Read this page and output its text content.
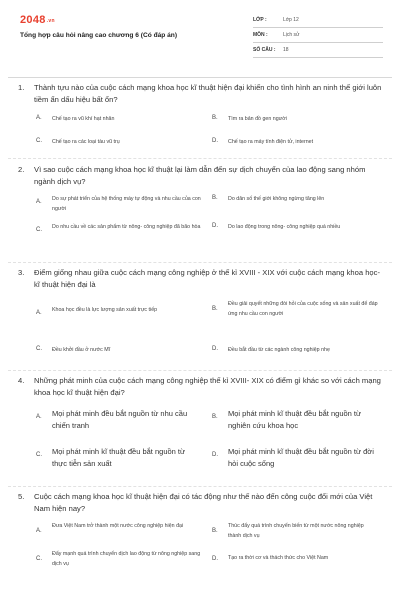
2048.vn
Tổng hợp câu hỏi nâng cao chương 6 (Có đáp án)
LỚP :	Lớp 12
MÔN :	Lịch sử
SỐ CÂU : 18
1. Thành tựu nào của cuộc cách mạng khoa học kĩ thuật hiện đại khiến cho tình hình an ninh thế giới luôn tiềm ẩn dấu hiệu bất ổn?
A. Chế tạo ra vũ khí hạt nhân	B. Tìm ra bản đồ gen người
C. Chế tạo ra các loại tàu vũ trụ	D. Chế tạo ra máy tính điện tử, internet
2. Vì sao cuộc cách mạng khoa học kĩ thuật lại làm dẫn đến sự dịch chuyển của lao động sang nhóm ngành dịch vụ?
A. Do sự phát triển của hệ thống máy tự động và nhu cầu của con người
B. Do dân số thế giới không ngừng tăng lên
C. Do nhu cầu về các sản phẩm từ nông- công nghiệp đã bão hòa D. Do lao động trong nông- công nghiệp quá nhiều
3. Điểm giống nhau giữa cuộc cách mạng công nghiệp ở thế kỉ XVIII - XIX với cuộc cách mạng khoa học- kĩ thuật hiện đại là
A. Khoa học đều là lực lượng sản xuất trực tiếp	B.
Đều giải quyết những đòi hỏi của cuộc sống và sản xuất để đáp ứng nhu cầu con người
C. Đều khởi đầu ở nước Mĩ	D. Đều bắt đầu từ các ngành công nghiệp nhẹ
4. Những phát minh của cuộc cách mạng công nghiệp thế kỉ XVIII- XIX có điểm gì khác so với cách mạng khoa học kĩ thuật hiện đại?
A. Mọi phát minh đều bắt nguồn từ nhu cầu chiến tranh
B. Mọi phát minh kĩ thuật đều bắt nguồn từ nghiên cứu khoa học
C. Mọi phát minh kĩ thuật đều bắt nguồn từ thực tiễn sản xuất
D. Mọi phát minh kĩ thuật đều bắt nguồn từ đời hỏi cuộc sống
5. Cuộc cách mạng khoa học kĩ thuật hiện đại có tác động như thế nào đến công cuộc đổi mới của Việt Nam hiện nay?
A.
Đưa Việt Nam trở thành một nước công nghiệp hiện đại
B.
Thúc đẩy quá trình chuyển biến từ một nước nông nghiệp thành dịch vụ
C.
Đẩy mạnh quá trình chuyển dịch lao động từ nông nghiệp sang dịch vụ
D. Tạo ra thời cơ và thách thức cho Việt Nam
